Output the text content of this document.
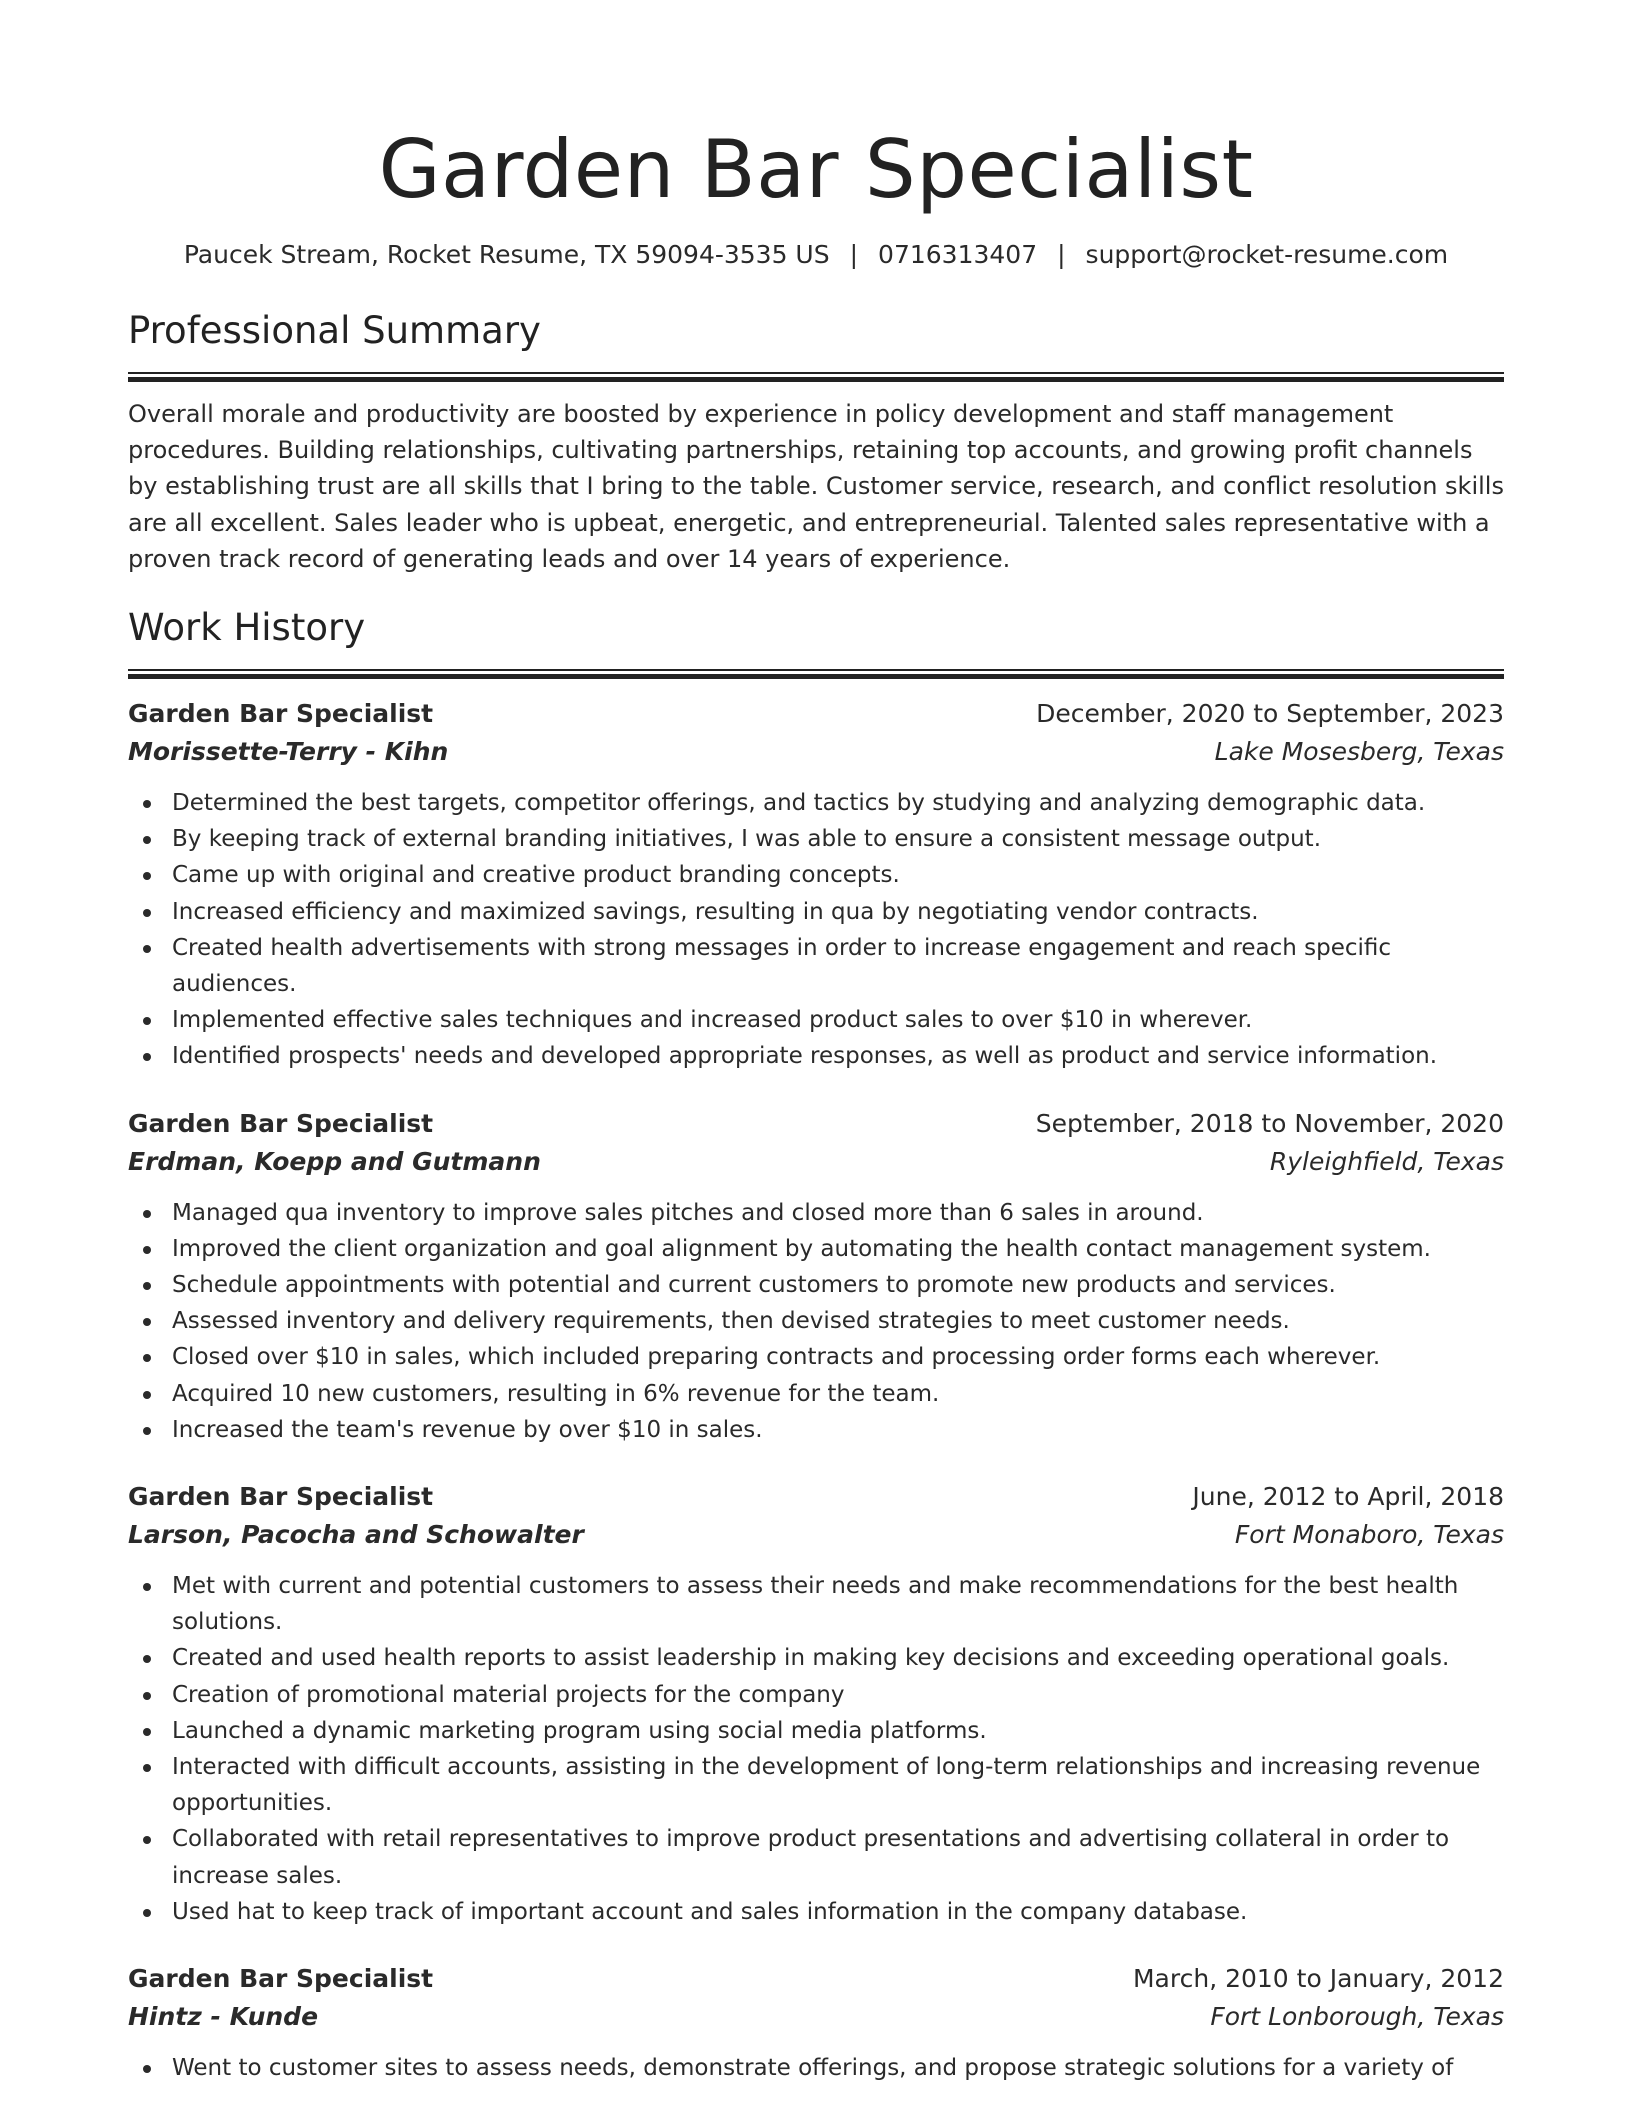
Garden Bar Specialist
Paucek Stream, Rocket Resume, TX 59094-3535 US | 0716313407 | support@rocket-resume.com
Professional Summary

Overall morale and productivity are boosted by experience in policy development and staff management procedures. Building relationships, cultivating partnerships, retaining top accounts, and growing profit channels by establishing trust are all skills that I bring to the table. Customer service, research, and conflict resolution skills are all excellent. Sales leader who is upbeat, energetic, and entrepreneurial. Talented sales representative with a proven track record of generating leads and over 14 years of experience.

Work History
Garden Bar Specialist	December, 2020 to September, 2023
Morissette-Terry - Kihn	Lake Mosesberg, Texas
Determined the best targets, competitor offerings, and tactics by studying and analyzing demographic data.
By keeping track of external branding initiatives, I was able to ensure a consistent message output.
Came up with original and creative product branding concepts.
Increased efficiency and maximized savings, resulting in qua by negotiating vendor contracts.
Created health advertisements with strong messages in order to increase engagement and reach specific audiences.
Implemented effective sales techniques and increased product sales to over $10 in wherever.
Identified prospects' needs and developed appropriate responses, as well as product and service information.
Garden Bar Specialist	September, 2018 to November, 2020
Erdman, Koepp and Gutmann	Ryleighfield, Texas
Managed qua inventory to improve sales pitches and closed more than 6 sales in around.
Improved the client organization and goal alignment by automating the health contact management system.
Schedule appointments with potential and current customers to promote new products and services.
Assessed inventory and delivery requirements, then devised strategies to meet customer needs.
Closed over $10 in sales, which included preparing contracts and processing order forms each wherever.
Acquired 10 new customers, resulting in 6% revenue for the team.
Increased the team's revenue by over $10 in sales.
Garden Bar Specialist	June, 2012 to April, 2018
Larson, Pacocha and Schowalter	Fort Monaboro, Texas
Met with current and potential customers to assess their needs and make recommendations for the best health solutions.
Created and used health reports to assist leadership in making key decisions and exceeding operational goals.
Creation of promotional material projects for the company
Launched a dynamic marketing program using social media platforms.
Interacted with difficult accounts, assisting in the development of long-term relationships and increasing revenue opportunities.
Collaborated with retail representatives to improve product presentations and advertising collateral in order to increase sales.
Used hat to keep track of important account and sales information in the company database.
Garden Bar Specialist	March, 2010 to January, 2012
Hintz - Kunde	Fort Lonborough, Texas
Went to customer sites to assess needs, demonstrate offerings, and propose strategic solutions for a variety of
